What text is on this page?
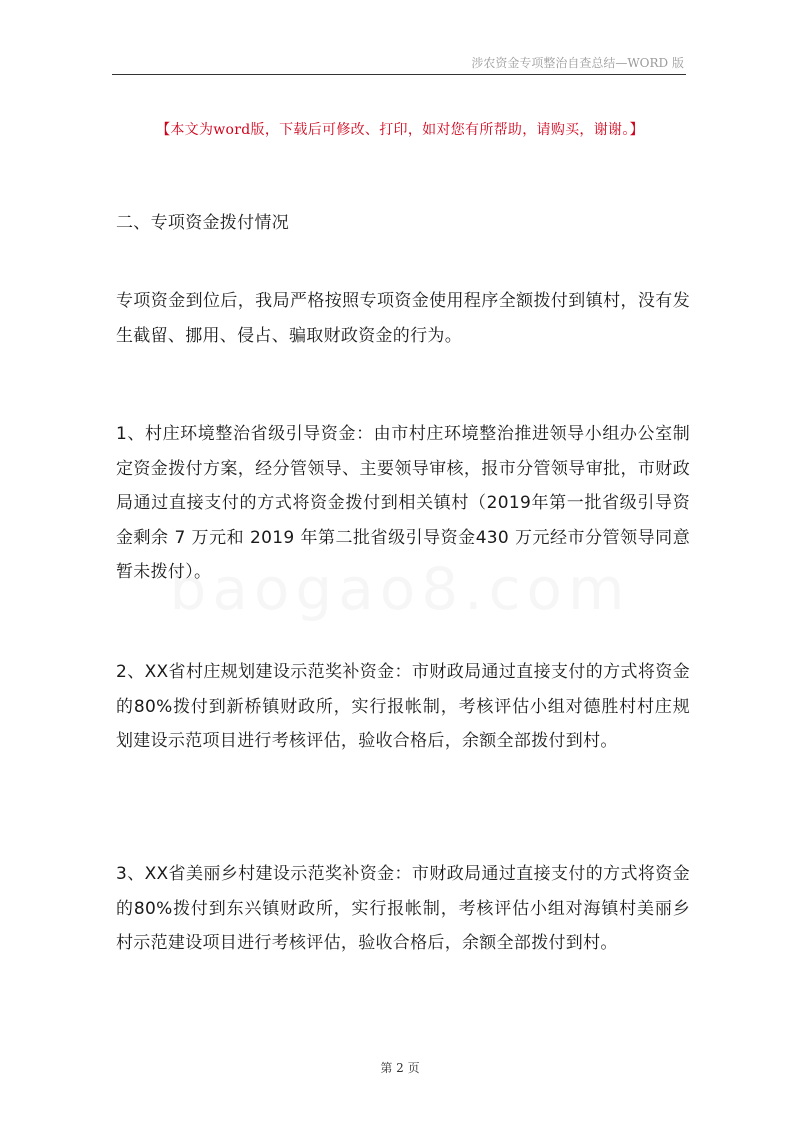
涉农资金专项整治自查总结—WORD 版
【本文为word版，下载后可修改、打印，如对您有所帮助，请购买，谢谢。】
二、专项资金拨付情况
专项资金到位后，我局严格按照专项资金使用程序全额拨付到镇村，没有发生截留、挪用、侵占、骗取财政资金的行为。
1、村庄环境整治省级引导资金：由市村庄环境整治推进领导小组办公室制定资金拨付方案，经分管领导、主要领导审核，报市分管领导审批，市财政局通过直接支付的方式将资金拨付到相关镇村（2019年第一批省级引导资金剩余 7 万元和 2019 年第二批省级引导资金430 万元经市分管领导同意暂未拨付）。
2、XX省村庄规划建设示范奖补资金：市财政局通过直接支付的方式将资金的80%拨付到新桥镇财政所，实行报帐制，考核评估小组对德胜村村庄规划建设示范项目进行考核评估，验收合格后，余额全部拨付到村。
3、XX省美丽乡村建设示范奖补资金：市财政局通过直接支付的方式将资金的80%拨付到东兴镇财政所，实行报帐制，考核评估小组对海镇村美丽乡村示范建设项目进行考核评估，验收合格后，余额全部拨付到村。
第 2 页
